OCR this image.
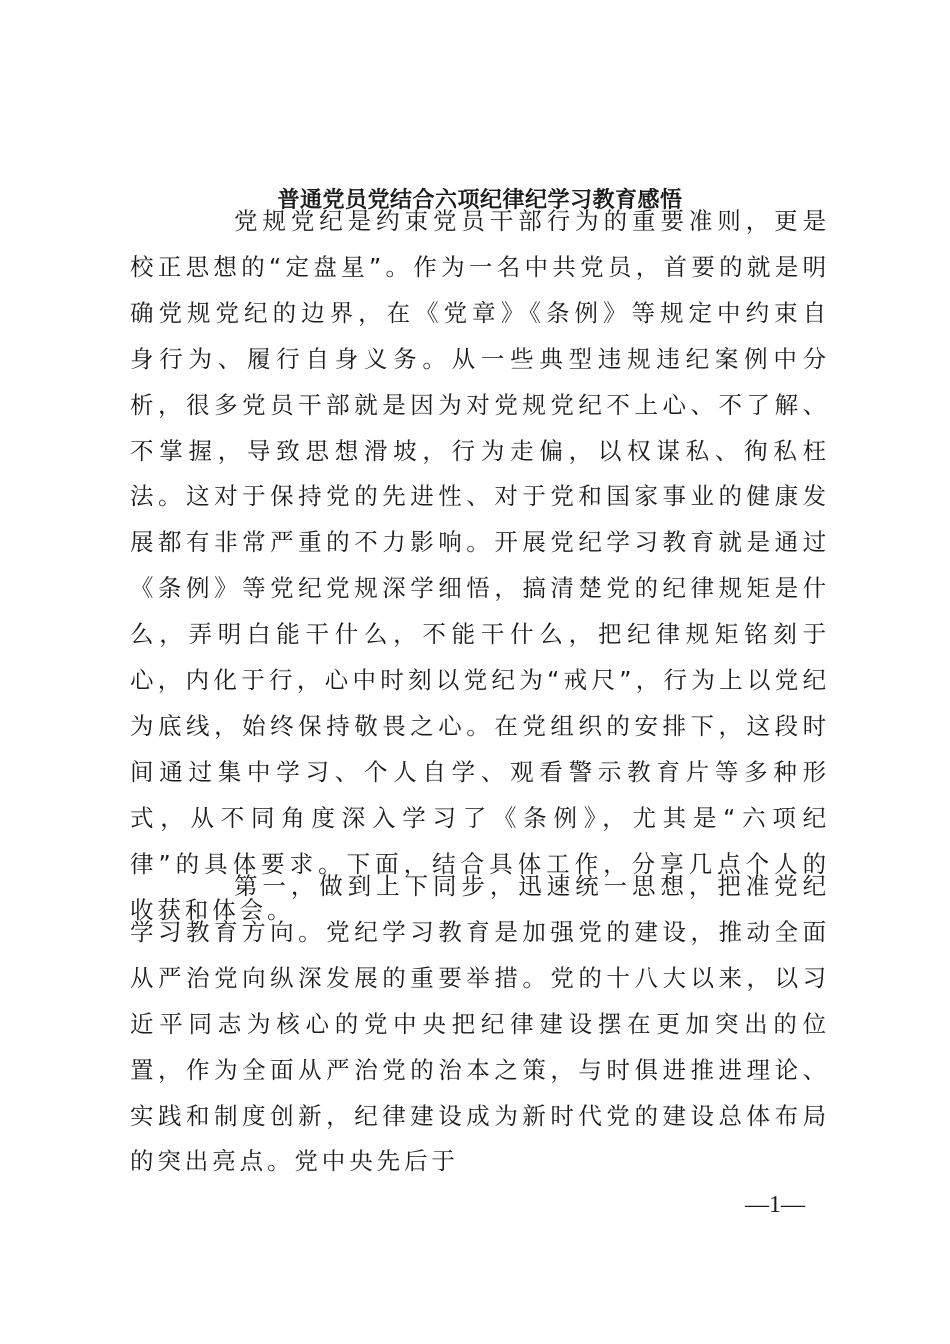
普通党员党结合六项纪律纪学习教育感悟

党规党纪是约束党员干部行为的重要准则，更是校正思想的“定盘星”。作为一名中共党员，首要的就是明确党规党纪的边界，在《党章》《条例》等规定中约束自身行为、履行自身义务。从一些典型违规违纪案例中分析，很多党员干部就是因为对党规党纪不上心、不了解、不掌握，导致思想滑坡，行为走偏，以权谋私、徇私枉法。这对于保持党的先进性、对于党和国家事业的健康发展都有非常严重的不力影响。开展党纪学习教育就是通过《条例》等党纪党规深学细悟，搞清楚党的纪律规矩是什么，弄明白能干什么，不能干什么，把纪律规矩铭刻于心，内化于行，心中时刻以党纪为“戒尺”，行为上以党纪为底线，始终保持敬畏之心。在党组织的安排下，这段时间通过集中学习、个人自学、观看警示教育片等多种形式，从不同角度深入学习了《条例》，尤其是“六项纪律”的具体要求。下面，结合具体工作，分享几点个人的收获和体会。

第一，做到上下同步，迅速统一思想，把准党纪学习教育方向。党纪学习教育是加强党的建设，推动全面从严治党向纵深发展的重要举措。党的十八大以来，以习近平同志为核心的党中央把纪律建设摆在更加突出的位置，作为全面从严治党的治本之策，与时俱进推进理论、实践和制度创新，纪律建设成为新时代党的建设总体布局的突出亮点。党中央先后于

—1—
